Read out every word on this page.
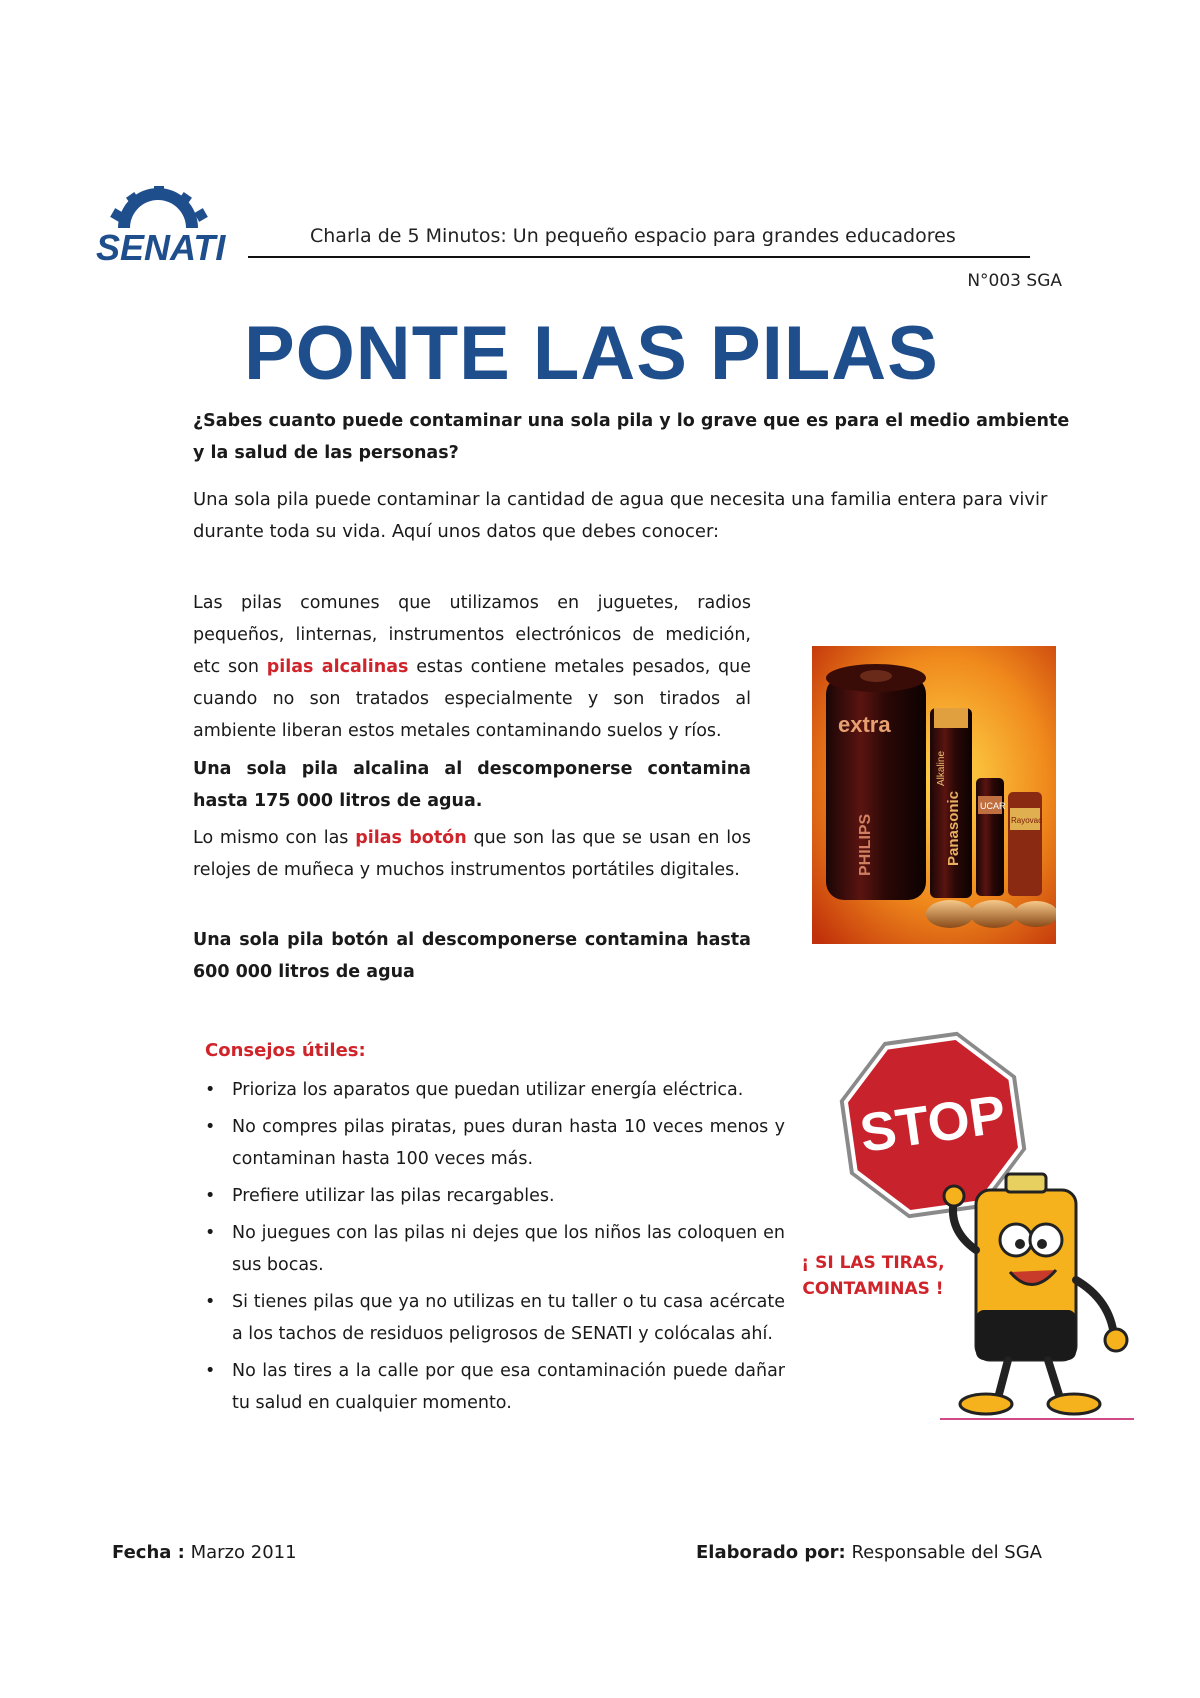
SENATI	Charla de 5 Minutos: Un pequeño espacio para grandes educadores
N°003 SGA
PONTE LAS PILAS
¿Sabes cuanto puede contaminar una sola pila y lo grave que es para el medio ambiente y la salud de las personas?
Una sola pila puede contaminar la cantidad de agua que necesita una familia entera para vivir durante toda su vida. Aquí unos datos que debes conocer:
Las pilas comunes que utilizamos en juguetes, radios pequeños, linternas, instrumentos electrónicos de medición, etc son pilas alcalinas estas contiene metales pesados, que cuando no son tratados especialmente y son tirados al ambiente liberan estos metales contaminando suelos y ríos.
Una sola pila alcalina al descomponerse contamina hasta 175 000 litros de agua.
Lo mismo con las pilas botón que son las que se usan en los relojes de muñeca y muchos instrumentos portátiles digitales.
Una sola pila botón al descomponerse contamina hasta 600 000 litros de agua
extra
PHILIPS	Panasonic
Alkaline
UCAR
Rayovac
Consejos útiles:
• Prioriza los aparatos que puedan utilizar energía eléctrica.
• No compres pilas piratas, pues duran hasta 10 veces menos y contaminan hasta 100 veces más.
• Prefiere utilizar las pilas recargables.
• No juegues con las pilas ni dejes que los niños las coloquen en sus bocas.
• Si tienes pilas que ya no utilizas en tu taller o tu casa acércate a los tachos de residuos peligrosos de SENATI y colócalas ahí.
• No las tires a la calle por que esa contaminación puede dañar tu salud en cualquier momento.
STOP
¡ SI LAS TIRAS,
CONTAMINAS !
Fecha : Marzo 2011	Elaborado por: Responsable del SGA
